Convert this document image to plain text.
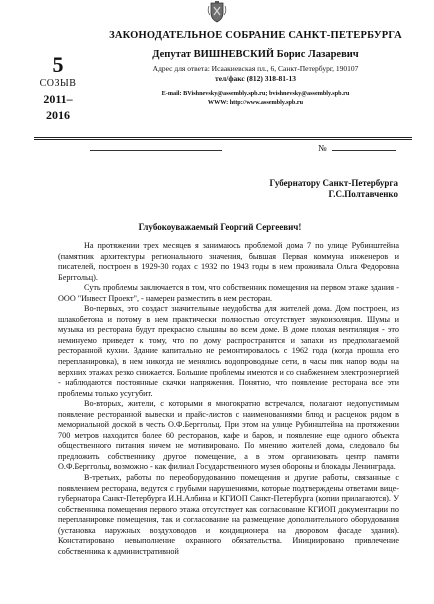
5
СОЗЫВ
2011–
2016
ЗАКОНОДАТЕЛЬНОЕ СОБРАНИЕ САНКТ-ПЕТЕРБУРГА
Депутат ВИШНЕВСКИЙ Борис Лазаревич
Адрес для ответа: Исаакиевская пл., 6, Санкт-Петербург, 190107
тел/факс (812) 318-81-13
E-mail: BVishnevsky@assembly.spb.ru; bvishnevsky@assembly.spb.ru
WWW: http://www.assembly.spb.ru
№
Губернатору Санкт-Петербурга
Г.С.Полтавченко
Глубокоуважаемый Георгий Сергеевич!

На протяжении трех месяцев я занимаюсь проблемой дома 7 по улице Рубинштейна (памятник архитектуры регионального значения, бывшая Первая коммуна инженеров и писателей, построен в 1929-30 годах с 1932 по 1943 годы в нем проживала Ольга Федоровна Берггольц).

Суть проблемы заключается в том, что собственник помещения на первом этаже здания - ООО "Инвест Проект", - намерен разместить в нем ресторан.

Во-первых, это создаст значительные неудобства для жителей дома. Дом построен, из шлакобетона и потому в нем практически полностью отсутствует звукоизоляция. Шумы и музыка из ресторана будут прекрасно слышны во всем доме. В доме плохая вентиляция - это неминуемо приведет к тому, что по дому распространятся и запахи из предполагаемой ресторанной кухни. Здание капитально не ремонтировалось с 1962 года (когда прошла его перепланировка), в нем никогда не менялись водопроводные сети, в часы пик напор воды на верхних этажах резко снижается. Большие проблемы имеются и со снабжением электроэнергией - наблюдаются постоянные скачки напряжения. Понятно, что появление ресторана все эти проблемы только усугубит.

Во-вторых, жители, с которыми я многократно встречался, полагают недопустимым появление ресторанной вывески и прайс-листов с наименованиями блюд и расценок рядом в мемориальной доской в честь О.Ф.Берггольц. При этом на улице Рубинштейна на протяжении 700 метров находится более 60 ресторанов, кафе и баров, и появление еще одного объекта общественного питания ничем не мотивировано. По мнению жителей дома, следовало бы предложить собственнику другое помещение, а в этом организовать центр памяти О.Ф.Берггольц, возможно - как филиал Государственного музея обороны и блокады Ленинграда.

В-третьих, работы по переоборудованию помещения и другие работы, связанные с появлением ресторана, ведутся с грубыми нарушениями, которые подтверждены ответами вице-губернатора Санкт-Петербурга И.Н.Албина и КГИОП Санкт-Петербурга (копии прилагаются). У собственника помещения первого этажа отсутствует как согласование КГИОП документации по перепланировке помещения, так и согласование на размещение дополнительного оборудования (установка наружных воздуховодов и кондиционера на дворовом фасаде здания). Констатировано невыполнение охранного обязательства. Инициировано привлечение собственника к административной
